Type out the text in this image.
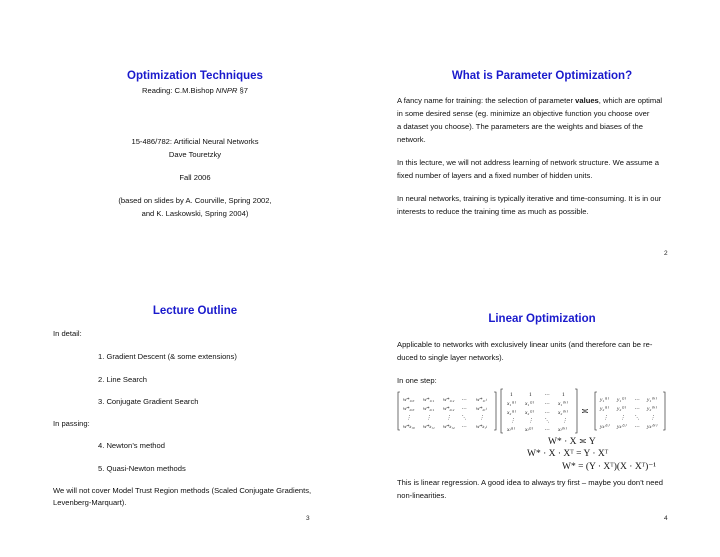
Optimization Techniques
Reading: C.M.Bishop NNPR §7
15-486/782: Artificial Neural Networks
Dave Touretzky
Fall 2006
(based on slides by A. Courville, Spring 2002,
and K. Laskowski, Spring 2004)
What is Parameter Optimization?
A fancy name for training: the selection of parameter values, which are optimal
in some desired sense (eg. minimize an objective function you choose over
a dataset you choose). The parameters are the weights and biases of the
network.
In this lecture, we will not address learning of network structure. We assume a
fixed number of layers and a fixed number of hidden units.
In neural networks, training is typically iterative and time-consuming. It is in our
interests to reduce the training time as much as possible.
2
Lecture Outline
In detail:
1. Gradient Descent (& some extensions)
2. Line Search
3. Conjugate Gradient Search
In passing:
4. Newton’s method
5. Quasi-Newton methods
We will not cover Model Trust Region methods (Scaled Conjugate Gradients,
Levenberg-Marquart).
3
Linear Optimization
Applicable to networks with exclusively linear units (and therefore can be re-
duced to single layer networks).
In one step:
w*₁,₀ w*₁,₁ w*₁,₂ ⋯ w*₁,ₗ
w*₂,₀ w*₂,₁ w*₂,₂ ⋯ w*₂,ₗ
⋮	⋮	⋮ ⋱ ⋮
w*ₖ,₀ w*ₖ,₁ w*ₖ,₂ ⋯ w*ₖ,ₗ
1	1 ⋯ 1
x₁⁽¹⁾ x₁⁽²⁾ ⋯ x₁⁽ᴺ⁾
x₂⁽¹⁾ x₂⁽²⁾ ⋯ x₂⁽ᴺ⁾
⋮ ⋮ ⋱ ⋮
xₗ⁽¹⁾ xₗ⁽²⁾ ⋯ xₗ⁽ᴺ⁾
≍
y₁⁽¹⁾ y₁⁽²⁾ ⋯ y₁⁽ᴺ⁾
y₂⁽¹⁾ y₂⁽²⁾ ⋯ y₂⁽ᴺ⁾
⋮ ⋮ ⋱ ⋮
yₖ⁽¹⁾ yₖ⁽²⁾ ⋯ yₖ⁽ᴺ⁾
W* · X ≍ Y
W* · X · Xᵀ = Y · Xᵀ
W* = (Y · Xᵀ)(X · Xᵀ)⁻¹
This is linear regression. A good idea to always try first – maybe you don’t need
non-linearities.
4
